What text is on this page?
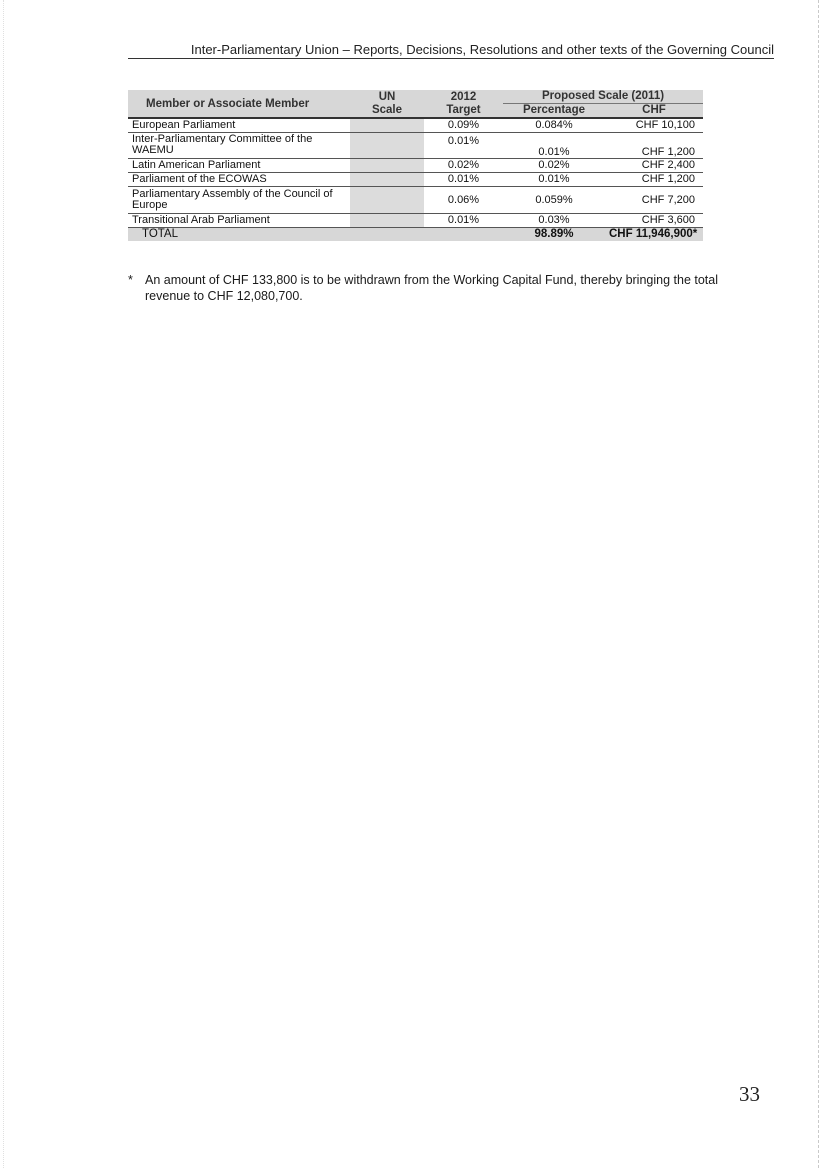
Inter-Parliamentary Union – Reports, Decisions, Resolutions and other texts of the Governing Council
Member or Associate Member	UN	2012	Proposed Scale (2011)	
	Scale	Target	Percentage	CHF
European Parliament		0.09%	0.084%	CHF 10,100
Inter-Parliamentary Committee of the WAEMU		0.01%	0.01%	CHF 1,200
Latin American Parliament		0.02%	0.02%	CHF 2,400
Parliament of the ECOWAS		0.01%	0.01%	CHF 1,200
Parliamentary Assembly of the Council of Europe		0.06%	0.059%	CHF 7,200
Transitional Arab Parliament		0.01%	0.03%	CHF 3,600
TOTAL			98.89%	CHF 11,946,900*
* An amount of CHF 133,800 is to be withdrawn from the Working Capital Fund, thereby bringing the total revenue to CHF 12,080,700.
33
